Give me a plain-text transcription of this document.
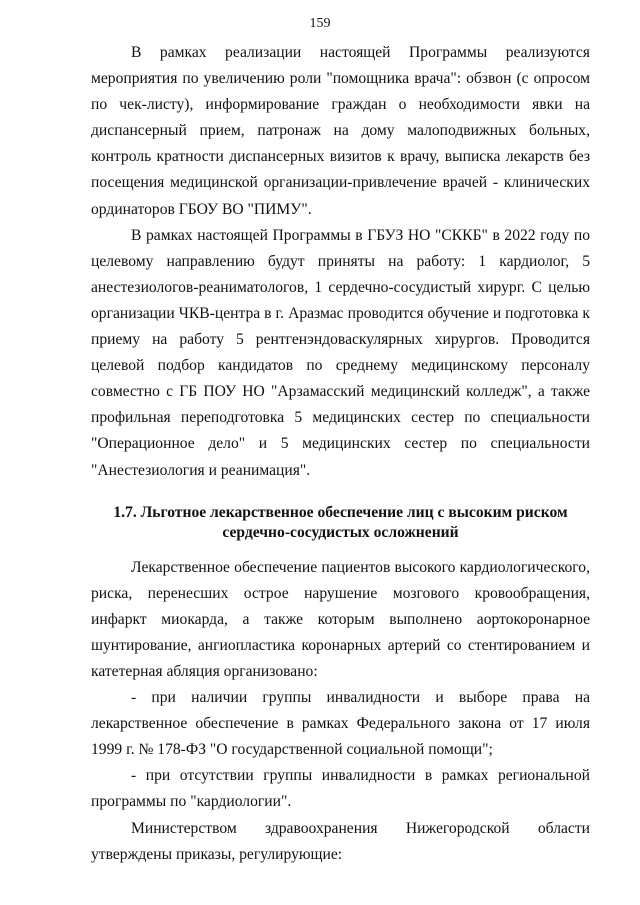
159

В рамках реализации настоящей Программы реализуются мероприятия по увеличению роли "помощника врача": обзвон (с опросом по чек-листу), информирование граждан о необходимости явки на диспансерный прием, патронаж на дому малоподвижных больных, контроль кратности диспансерных визитов к врачу, выписка лекарств без посещения медицинской организации-привлечение врачей - клинических ординаторов ГБОУ ВО "ПИМУ".

В рамках настоящей Программы в ГБУЗ НО "СККБ" в 2022 году по целевому направлению будут приняты на работу: 1 кардиолог, 5 анестезиологов-реаниматологов, 1 сердечно-сосудистый хирург. С целью организации ЧКВ-центра в г. Аразмас проводится обучение и подготовка к приему на работу 5 рентгенэндоваскулярных хирургов. Проводится целевой подбор кандидатов по среднему медицинскому персоналу совместно с ГБ ПОУ НО "Арзамасский медицинский колледж", а также профильная переподготовка 5 медицинских сестер по специальности "Операционное дело" и 5 медицинских сестер по специальности "Анестезиология и реанимация".

1.7. Льготное лекарственное обеспечение лиц с высоким риском
сердечно-сосудистых осложнений

Лекарственное обеспечение пациентов высокого кардиологического, риска, перенесших острое нарушение мозгового кровообращения, инфаркт миокарда, а также которым выполнено аортокоронарное шунтирование, ангиопластика коронарных артерий со стентированием и катетерная абляция организовано:

- при наличии группы инвалидности и выборе права на лекарственное обеспечение в рамках Федерального закона от 17 июля 1999 г. № 178-ФЗ "О государственной социальной помощи";

- при отсутствии группы инвалидности в рамках региональной программы по "кардиологии".

Министерством здравоохранения Нижегородской области утверждены приказы, регулирующие:
